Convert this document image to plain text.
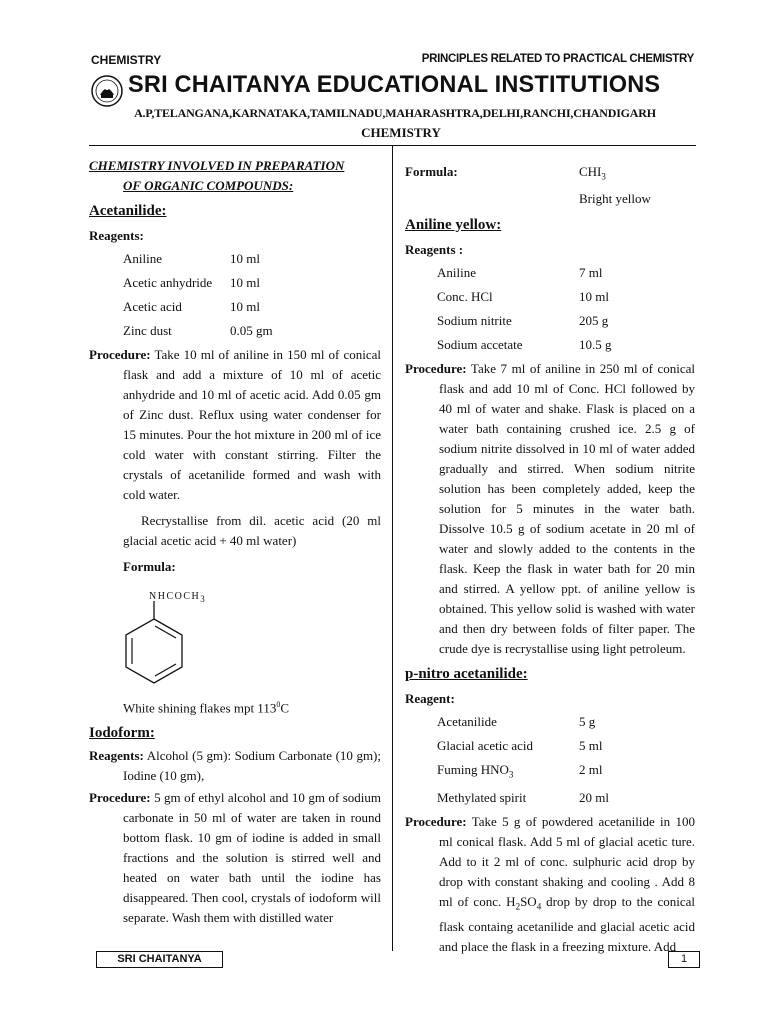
CHEMISTRY	PRINCIPLES RELATED TO PRACTICAL CHEMISTRY
SRI CHAITANYA EDUCATIONAL INSTITUTIONS
A.P,TELANGANA,KARNATAKA,TAMILNADU,MAHARASHTRA,DELHI,RANCHI,CHANDIGARH
CHEMISTRY
CHEMISTRY INVOLVED IN PREPARATION
OF ORGANIC COMPOUNDS:
Acetanilide:
Reagents:
Aniline	10 ml
Acetic anhydride	10 ml
Acetic acid	10 ml
Zinc dust	0.05 gm
Procedure: Take 10 ml of aniline in 150 ml of conical flask and add a mixture of 10 ml of acetic anhydride and 10 ml of acetic acid. Add 0.05 gm of Zinc dust. Reflux using water condenser for 15 minutes. Pour the hot mixture in 200 ml of ice cold water with constant stirring. Filter the crystals of acetanilide formed and wash with cold water.
Recrystallise from dil. acetic acid (20 ml glacial acetic acid + 40 ml water)
Formula:
$NHCOCH_3$
White shining flakes mpt $113^0C$
Iodoform:
Reagents: Alcohol (5 gm): Sodium Carbonate (10 gm); Iodine (10 gm),
Procedure: 5 gm of ethyl alcohol and 10 gm of sodium carbonate in 50 ml of water are taken in round bottom flask. 10 gm of iodine is added in small fractions and the solution is stirred well and heated on water bath until the iodine has disappeared. Then cool, crystals of iodoform will separate. Wash them with distilled water
Formula:	$CHI_3$
Bright yellow
Aniline yellow:
Reagents :
Aniline	7 ml
Conc. HCl	10 ml
Sodium nitrite	205 g
Sodium accetate	10.5 g
Procedure: Take 7 ml of aniline in 250 ml of conical flask and add 10 ml of Conc. HCl followed by 40 ml of water and shake. Flask is placed on a water bath containing crushed ice. 2.5 g of sodium nitrite dissolved in 10 ml of water added gradually and stirred. When sodium nitrite solution has been completely added, keep the solution for 5 minutes in the water bath. Dissolve 10.5 g of sodium acetate in 20 ml of water and slowly added to the contents in the flask. Keep the flask in water bath for 20 min and stirred. A yellow ppt. of aniline yellow is obtained. This yellow solid is washed with water and then dry between folds of filter paper. The crude dye is recrystallise using light petroleum.
p-nitro acetanilide:
Reagent:
Acetanilide	5 g
Glacial acetic acid	5 ml
Fuming $HNO_3$	2 ml
Methylated spirit	20 ml
Procedure: Take 5 g of powdered acetanilide in 100 ml conical flask. Add 5 ml of glacial acetic ture. Add to it 2 ml of conc. sulphuric acid drop by drop with constant shaking and cooling . Add 8 ml of conc. $H_2SO_4$ drop by drop to the conical flask containg acetanilide and glacial acetic acid and place the flask in a freezing mixture. Add
SRI CHAITANYA	1
